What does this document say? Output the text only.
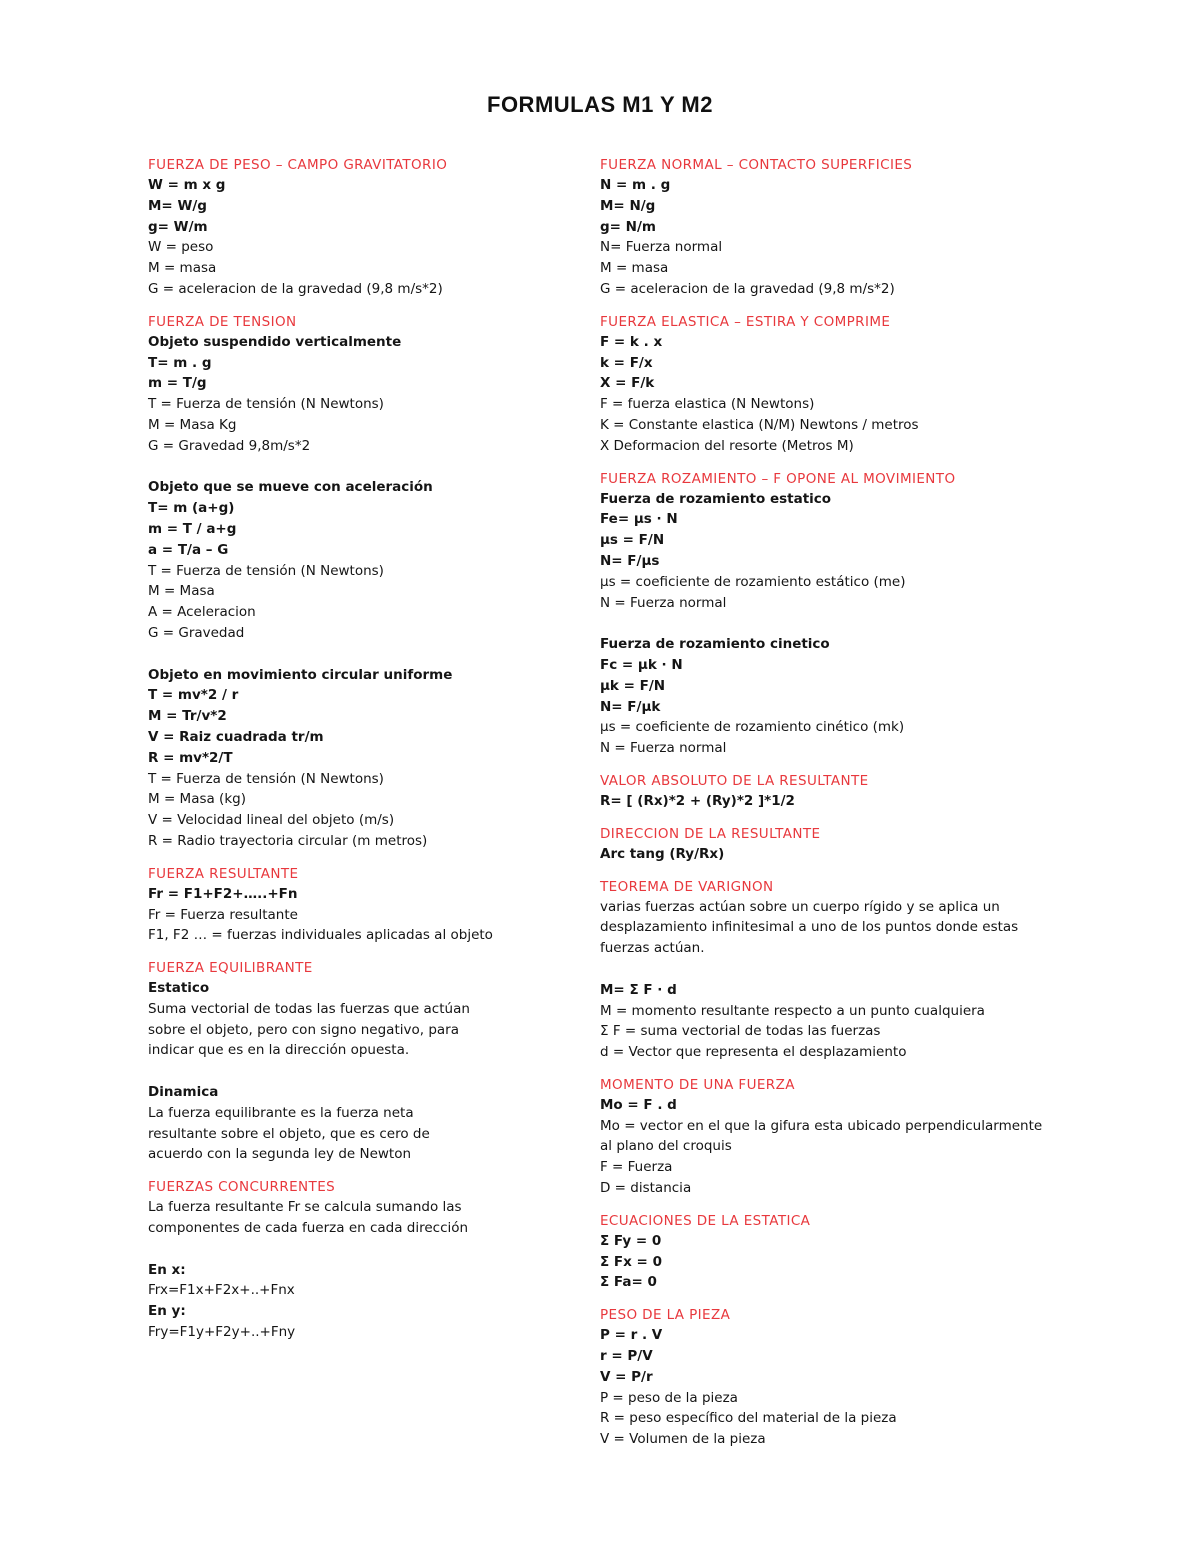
FORMULAS M1 Y M2
FUERZA DE PESO – CAMPO GRAVITATORIO
W = m x g
M= W/g
g= W/m
W = peso
M = masa
G = aceleracion de la gravedad (9,8 m/s*2)
FUERZA DE TENSION
Objeto suspendido verticalmente
T= m . g
m = T/g
T = Fuerza de tensión (N Newtons)
M = Masa Kg
G = Gravedad 9,8m/s*2
Objeto que se mueve con aceleración
T= m (a+g)
m = T / a+g
a = T/a – G
T = Fuerza de tensión (N Newtons)
M = Masa
A = Aceleracion
G = Gravedad
Objeto en movimiento circular uniforme
T = mv*2 / r
M = Tr/v*2
V = Raiz cuadrada tr/m
R = mv*2/T
T = Fuerza de tensión (N Newtons)
M = Masa (kg)
V = Velocidad lineal del objeto (m/s)
R = Radio trayectoria circular (m metros)
FUERZA RESULTANTE
Fr = F1+F2+…..+Fn
Fr = Fuerza resultante
F1, F2 … = fuerzas individuales aplicadas al objeto
FUERZA EQUILIBRANTE
Estatico
Suma vectorial de todas las fuerzas que actúan
sobre el objeto, pero con signo negativo, para
indicar que es en la dirección opuesta.
Dinamica
La fuerza equilibrante es la fuerza neta
resultante sobre el objeto, que es cero de
acuerdo con la segunda ley de Newton
FUERZAS CONCURRENTES
La fuerza resultante Fr se calcula sumando las
componentes de cada fuerza en cada dirección
En x:
Frx=F1x+F2x+..+Fnx
En y:
Fry=F1y+F2y+..+Fny
FUERZA NORMAL – CONTACTO SUPERFICIES
N = m . g
M= N/g
g= N/m
N= Fuerza normal
M = masa
G = aceleracion de la gravedad (9,8 m/s*2)
FUERZA ELASTICA – ESTIRA Y COMPRIME
F = k . x
k = F/x
X = F/k
F = fuerza elastica (N Newtons)
K = Constante elastica (N/M) Newtons / metros
X Deformacion del resorte (Metros M)
FUERZA ROZAMIENTO – F OPONE AL MOVIMIENTO
Fuerza de rozamiento estatico
Fe= μs · N
μs = F/N
N= F/μs
μs = coeficiente de rozamiento estático (me)
N = Fuerza normal
Fuerza de rozamiento cinetico
Fc = μk · N
μk = F/N
N= F/μk
μs = coeficiente de rozamiento cinético (mk)
N = Fuerza normal
VALOR ABSOLUTO DE LA RESULTANTE
R= [ (Rx)*2 + (Ry)*2 ]*1/2
DIRECCION DE LA RESULTANTE
Arc tang (Ry/Rx)
TEOREMA DE VARIGNON
varias fuerzas actúan sobre un cuerpo rígido y se aplica un
desplazamiento infinitesimal a uno de los puntos donde estas
fuerzas actúan.
M= Σ F · d
M = momento resultante respecto a un punto cualquiera
Σ F = suma vectorial de todas las fuerzas
d = Vector que representa el desplazamiento
MOMENTO DE UNA FUERZA
Mo = F . d
Mo = vector en el que la gifura esta ubicado perpendicularmente
al plano del croquis
F = Fuerza
D = distancia
ECUACIONES DE LA ESTATICA
Σ Fy = 0
Σ Fx = 0
Σ Fa= 0
PESO DE LA PIEZA
P = r . V
r = P/V
V = P/r
P = peso de la pieza
R = peso específico del material de la pieza
V = Volumen de la pieza
